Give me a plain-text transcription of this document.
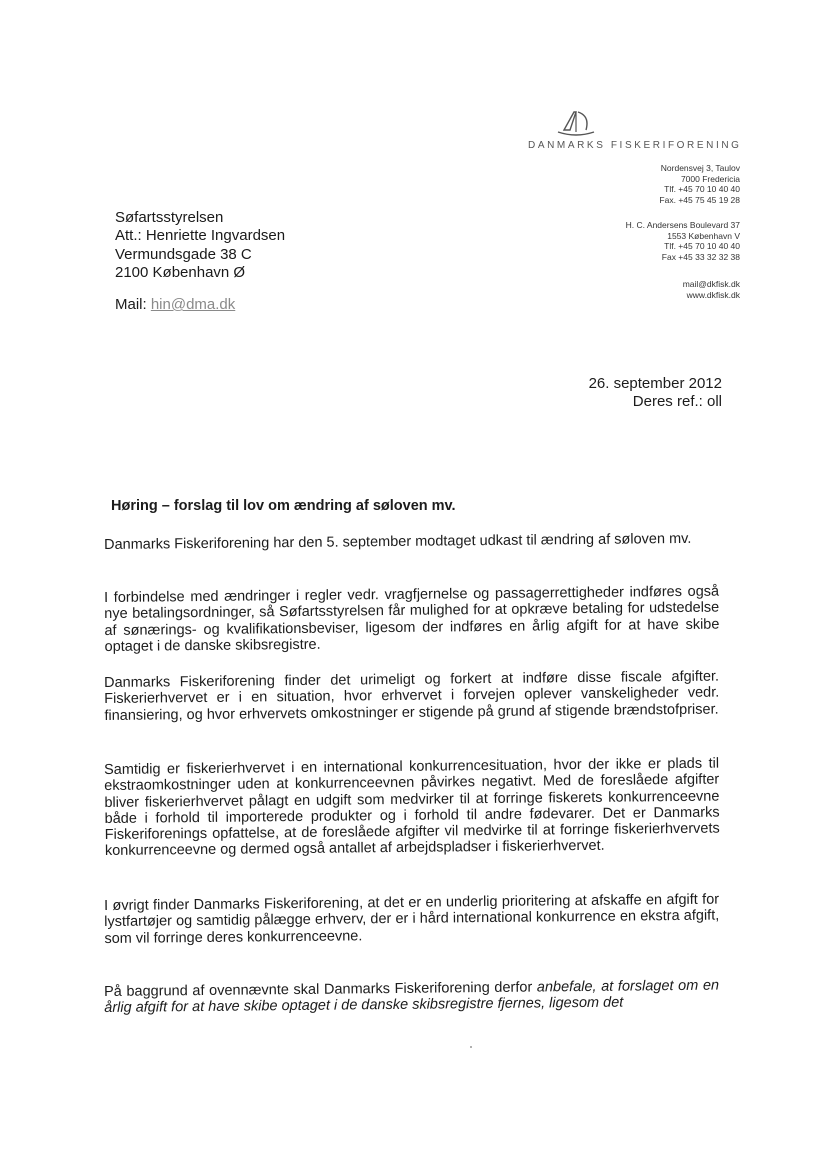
DANMARKS FISKERIFORENING
Nordensvej 3, Taulov
7000 Fredericia
Tlf. +45 70 10 40 40
Fax. +45 75 45 19 28
H. C. Andersens Boulevard 37
1553 København V
Tlf. +45 70 10 40 40
Fax +45 33 32 32 38
mail@dkfisk.dk
www.dkfisk.dk
Søfartsstyrelsen
Att.: Henriette Ingvardsen
Vermundsgade 38 C
2100 København Ø
Mail: hin@dma.dk
26. september 2012
Deres ref.: oll
Høring – forslag til lov om ændring af søloven mv.
Danmarks Fiskeriforening har den 5. september modtaget udkast til ændring af søloven mv.
I forbindelse med ændringer i regler vedr. vragfjernelse og passagerrettigheder indføres også nye betalingsordninger, så Søfartsstyrelsen får mulighed for at opkræve betaling for udstedelse af sønærings- og kvalifikationsbeviser, ligesom der indføres en årlig afgift for at have skibe optaget i de danske skibsregistre.
Danmarks Fiskeriforening finder det urimeligt og forkert at indføre disse fiscale afgifter. Fiskerierhvervet er i en situation, hvor erhvervet i forvejen oplever vanskeligheder vedr. finansiering, og hvor erhvervets omkostninger er stigende på grund af stigende brændstofpriser.
Samtidig er fiskerierhvervet i en international konkurrencesituation, hvor der ikke er plads til ekstraomkostninger uden at konkurrenceevnen påvirkes negativt. Med de foreslåede afgifter bliver fiskerierhvervet pålagt en udgift som medvirker til at forringe fiskerets konkurrenceevne både i forhold til importerede produkter og i forhold til andre fødevarer. Det er Danmarks Fiskeriforenings opfattelse, at de foreslåede afgifter vil medvirke til at forringe fiskerierhvervets konkurrenceevne og dermed også antallet af arbejdspladser i fiskerierhvervet.
I øvrigt finder Danmarks Fiskeriforening, at det er en underlig prioritering at afskaffe en afgift for lystfartøjer og samtidig pålægge erhverv, der er i hård international konkurrence en ekstra afgift, som vil forringe deres konkurrenceevne.
På baggrund af ovennævnte skal Danmarks Fiskeriforening derfor anbefale, at forslaget om en årlig afgift for at have skibe optaget i de danske skibsregistre fjernes, ligesom det
